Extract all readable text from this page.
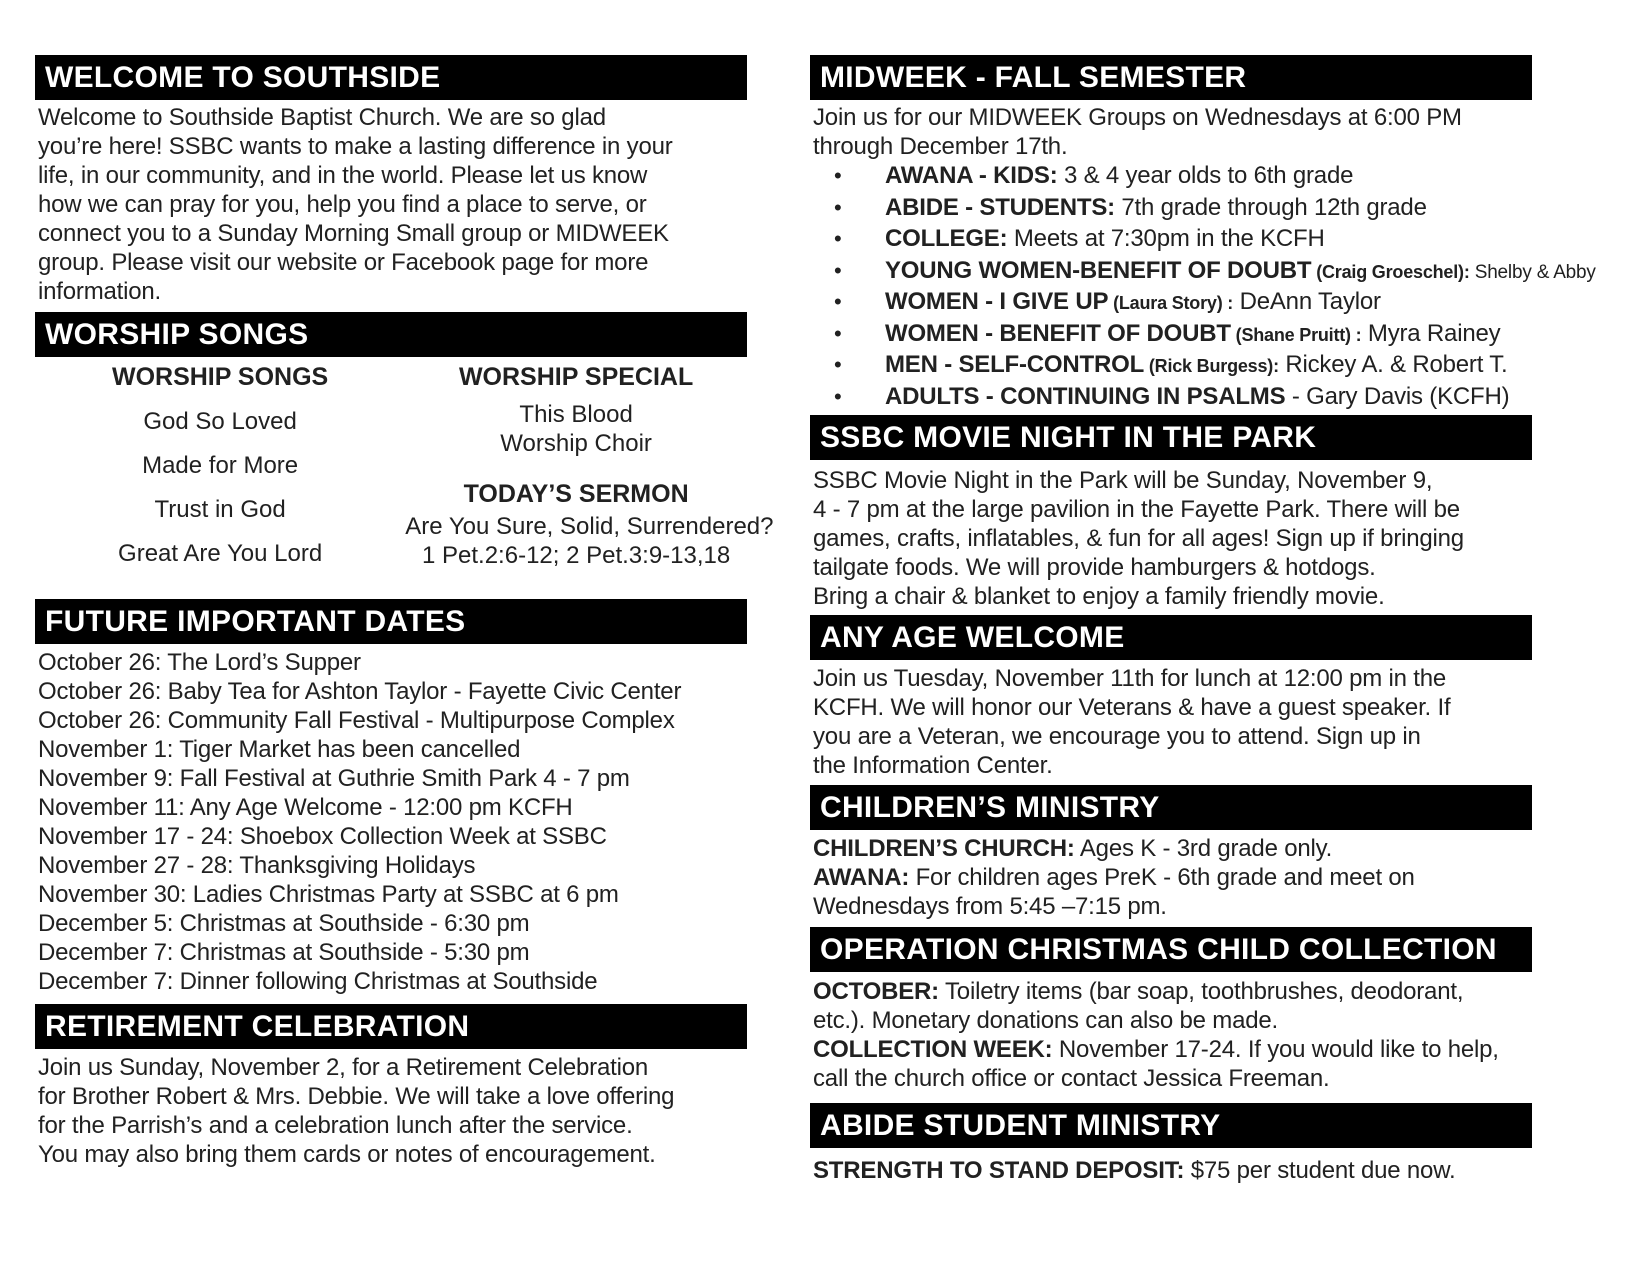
WELCOME TO SOUTHSIDE
Welcome to Southside Baptist Church. We are so glad
you’re here! SSBC wants to make a lasting difference in your
life, in our community, and in the world. Please let us know
how we can pray for you, help you find a place to serve, or
connect you to a Sunday Morning Small group or MIDWEEK
group. Please visit our website or Facebook page for more
information.
WORSHIP SONGS
WORSHIP SONGS
God So Loved
Made for More
Trust in God
Great Are You Lord
WORSHIP SPECIAL
This Blood
Worship Choir
TODAY’S SERMON
Are You Sure, Solid, Surrendered?
1 Pet.2:6-12; 2 Pet.3:9-13,18
FUTURE IMPORTANT DATES
October 26: The Lord’s Supper
October 26: Baby Tea for Ashton Taylor - Fayette Civic Center
October 26: Community Fall Festival - Multipurpose Complex
November 1: Tiger Market has been cancelled
November 9: Fall Festival at Guthrie Smith Park 4 - 7 pm
November 11: Any Age Welcome - 12:00 pm KCFH
November 17 - 24: Shoebox Collection Week at SSBC
November 27 - 28: Thanksgiving Holidays
November 30: Ladies Christmas Party at SSBC at 6 pm
December 5: Christmas at Southside - 6:30 pm
December 7: Christmas at Southside - 5:30 pm
December 7: Dinner following Christmas at Southside
RETIREMENT CELEBRATION
Join us Sunday, November 2, for a Retirement Celebration
for Brother Robert & Mrs. Debbie. We will take a love offering
for the Parrish’s and a celebration lunch after the service.
You may also bring them cards or notes of encouragement.
MIDWEEK - FALL SEMESTER
Join us for our MIDWEEK Groups on Wednesdays at 6:00 PM
through December 17th.
• AWANA - KIDS: 3 & 4 year olds to 6th grade
• ABIDE - STUDENTS: 7th grade through 12th grade
• COLLEGE: Meets at 7:30pm in the KCFH
• YOUNG WOMEN-BENEFIT OF DOUBT (Craig Groeschel): Shelby & Abby
• WOMEN - I GIVE UP (Laura Story) : DeAnn Taylor
• WOMEN - BENEFIT OF DOUBT (Shane Pruitt) : Myra Rainey
• MEN - SELF-CONTROL (Rick Burgess): Rickey A. & Robert T.
• ADULTS - CONTINUING IN PSALMS - Gary Davis (KCFH)
SSBC MOVIE NIGHT IN THE PARK
SSBC Movie Night in the Park will be Sunday, November 9,
4 - 7 pm at the large pavilion in the Fayette Park. There will be
games, crafts, inflatables, & fun for all ages! Sign up if bringing
tailgate foods. We will provide hamburgers & hotdogs.
Bring a chair & blanket to enjoy a family friendly movie.
ANY AGE WELCOME
Join us Tuesday, November 11th for lunch at 12:00 pm in the
KCFH. We will honor our Veterans & have a guest speaker. If
you are a Veteran, we encourage you to attend. Sign up in
the Information Center.
CHILDREN’S MINISTRY
CHILDREN’S CHURCH: Ages K - 3rd grade only.
AWANA: For children ages PreK - 6th grade and meet on
Wednesdays from 5:45 –7:15 pm.
OPERATION CHRISTMAS CHILD COLLECTION
OCTOBER: Toiletry items (bar soap, toothbrushes, deodorant,
etc.). Monetary donations can also be made.
COLLECTION WEEK: November 17-24. If you would like to help,
call the church office or contact Jessica Freeman.
ABIDE STUDENT MINISTRY
STRENGTH TO STAND DEPOSIT: $75 per student due now.
